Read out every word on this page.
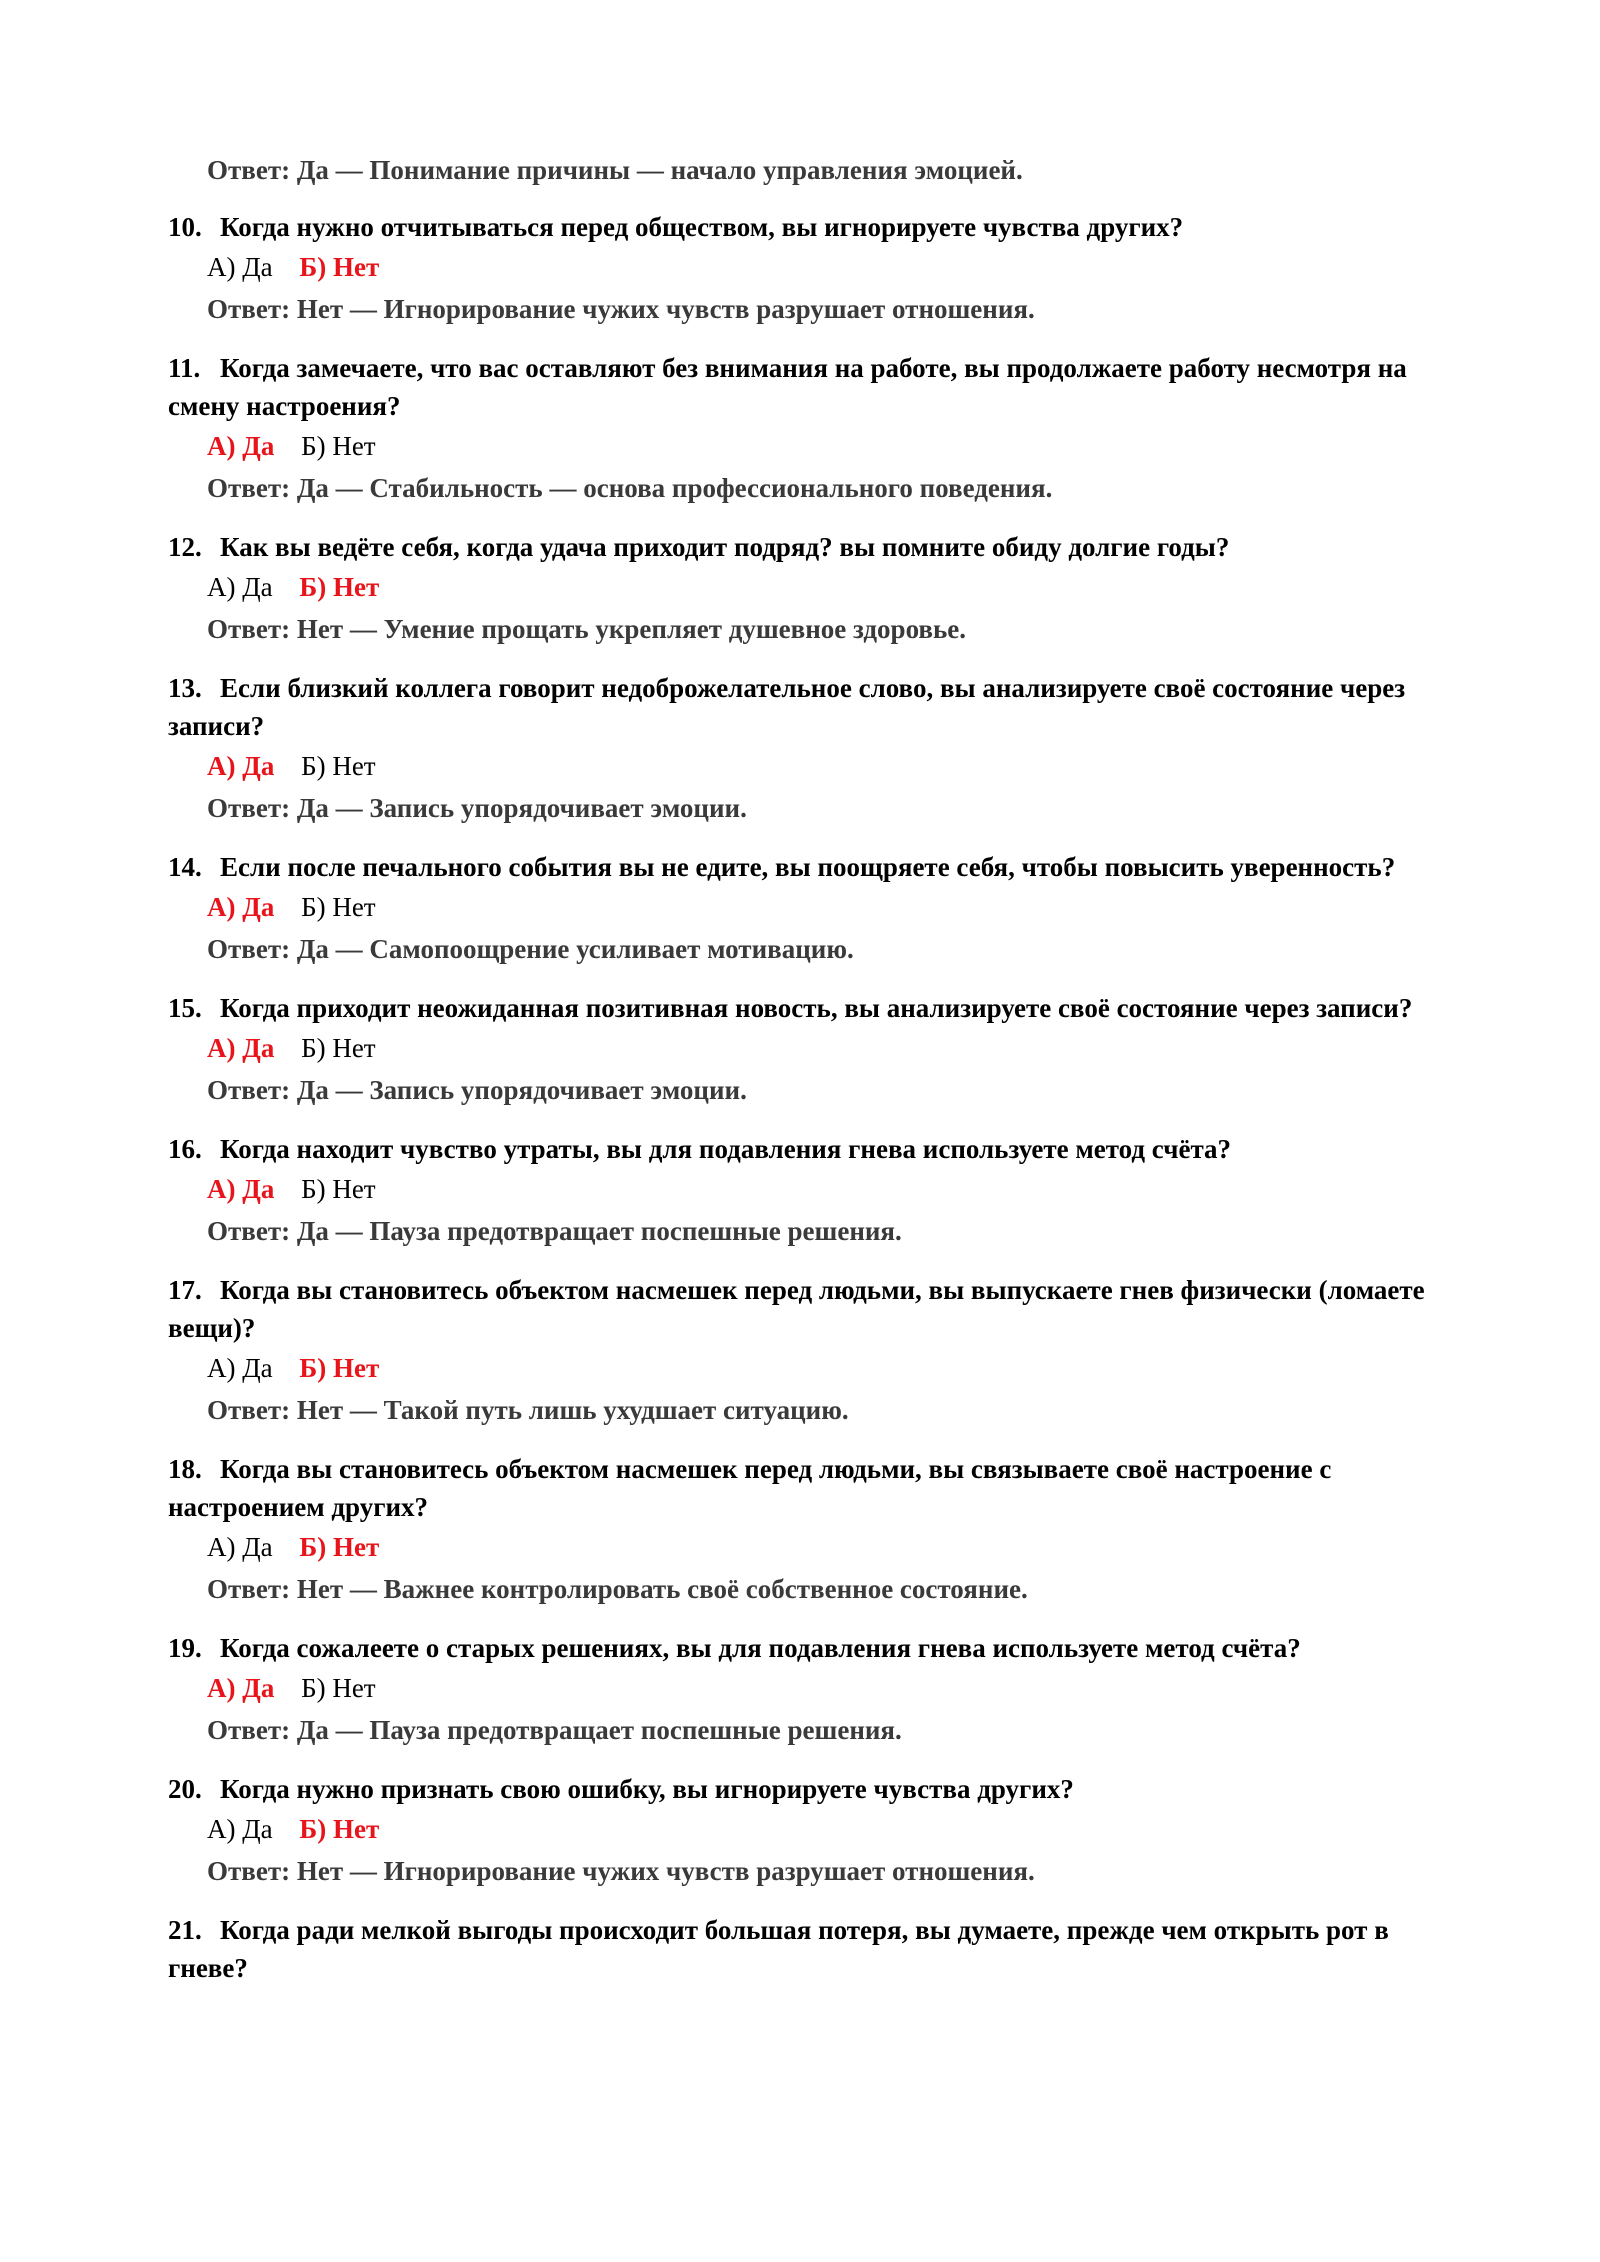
Ответ: Да — Понимание причины — начало управления эмоцией.
10. Когда нужно отчитываться перед обществом, вы игнорируете чувства других?
А) Да Б) Нет
Ответ: Нет — Игнорирование чужих чувств разрушает отношения.
11. Когда замечаете, что вас оставляют без внимания на работе, вы продолжаете работу несмотря на смену настроения?
А) Да Б) Нет
Ответ: Да — Стабильность — основа профессионального поведения.
12. Как вы ведёте себя, когда удача приходит подряд? вы помните обиду долгие годы?
А) Да Б) Нет
Ответ: Нет — Умение прощать укрепляет душевное здоровье.
13. Если близкий коллега говорит недоброжелательное слово, вы анализируете своё состояние через записи?
А) Да Б) Нет
Ответ: Да — Запись упорядочивает эмоции.
14. Если после печального события вы не едите, вы поощряете себя, чтобы повысить уверенность?
А) Да Б) Нет
Ответ: Да — Самопоощрение усиливает мотивацию.
15. Когда приходит неожиданная позитивная новость, вы анализируете своё состояние через записи?
А) Да Б) Нет
Ответ: Да — Запись упорядочивает эмоции.
16. Когда находит чувство утраты, вы для подавления гнева используете метод счёта?
А) Да Б) Нет
Ответ: Да — Пауза предотвращает поспешные решения.
17. Когда вы становитесь объектом насмешек перед людьми, вы выпускаете гнев физически (ломаете вещи)?
А) Да Б) Нет
Ответ: Нет — Такой путь лишь ухудшает ситуацию.
18. Когда вы становитесь объектом насмешек перед людьми, вы связываете своё настроение с настроением других?
А) Да Б) Нет
Ответ: Нет — Важнее контролировать своё собственное состояние.
19. Когда сожалеете о старых решениях, вы для подавления гнева используете метод счёта?
А) Да Б) Нет
Ответ: Да — Пауза предотвращает поспешные решения.
20. Когда нужно признать свою ошибку, вы игнорируете чувства других?
А) Да Б) Нет
Ответ: Нет — Игнорирование чужих чувств разрушает отношения.
21. Когда ради мелкой выгоды происходит большая потеря, вы думаете, прежде чем открыть рот в гневе?
